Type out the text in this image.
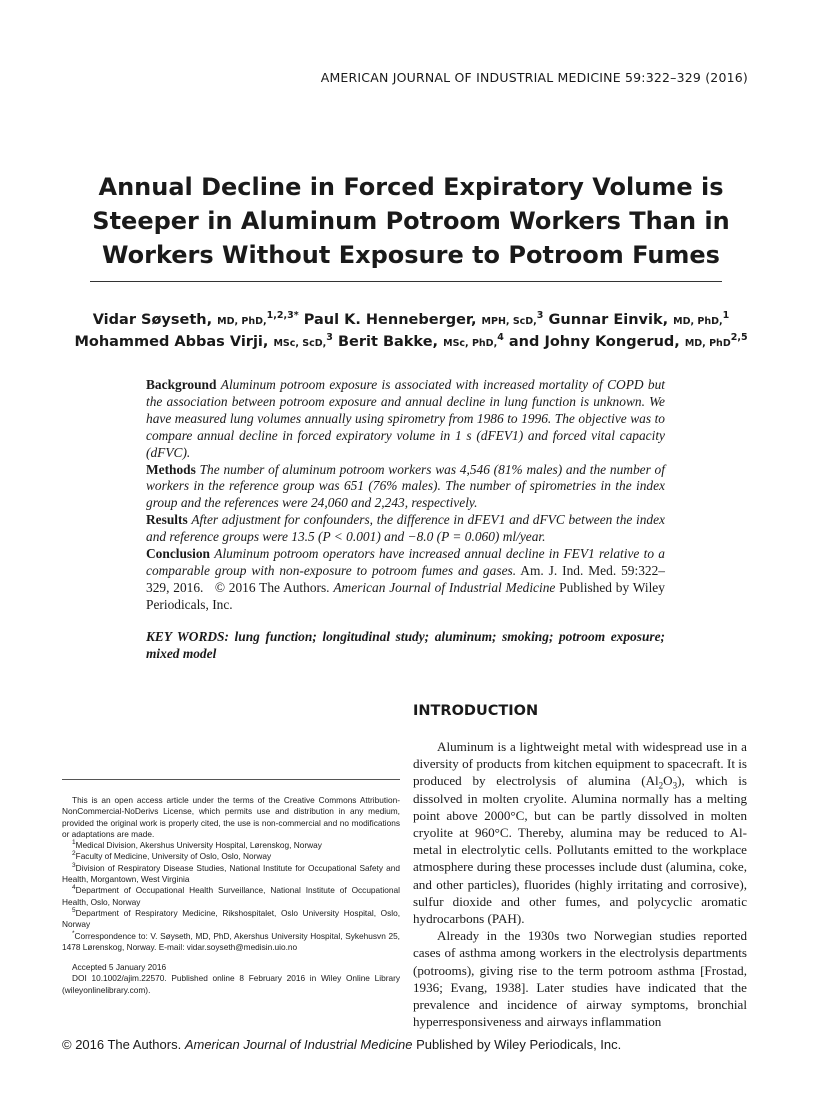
AMERICAN JOURNAL OF INDUSTRIAL MEDICINE 59:322–329 (2016)
Annual Decline in Forced Expiratory Volume is
Steeper in Aluminum Potroom Workers Than in
Workers Without Exposure to Potroom Fumes
Vidar Søyseth, MD, PhD,$^{1,2,3*}$ Paul K. Henneberger, MPH, ScD,$^3$ Gunnar Einvik, MD, PhD,$^1$
Mohammed Abbas Virji, MSc, ScD,$^3$ Berit Bakke, MSc, PhD,$^4$ and Johny Kongerud, MD, PhD$^{2,5}$
Background Aluminum potroom exposure is associated with increased mortality of COPD but the association between potroom exposure and annual decline in lung function is unknown. We have measured lung volumes annually using spirometry from 1986 to 1996. The objective was to compare annual decline in forced expiratory volume in 1 s (dFEV1) and forced vital capacity (dFVC).
Methods The number of aluminum potroom workers was 4,546 (81% males) and the number of workers in the reference group was 651 (76% males). The number of spirometries in the index group and the references were 24,060 and 2,243, respectively.
Results After adjustment for confounders, the difference in dFEV1 and dFVC between the index and reference groups were 13.5 (P < 0.001) and −8.0 (P = 0.060) ml/year.
Conclusion Aluminum potroom operators have increased annual decline in FEV1 relative to a comparable group with non-exposure to potroom fumes and gases. Am. J. Ind. Med. 59:322–329, 2016. © 2016 The Authors. American Journal of Industrial Medicine Published by Wiley Periodicals, Inc.
KEY WORDS: lung function; longitudinal study; aluminum; smoking; potroom exposure; mixed model
INTRODUCTION

Aluminum is a lightweight metal with widespread use in a diversity of products from kitchen equipment to spacecraft. It is produced by electrolysis of alumina $(Al_2O_3)$, which is dissolved in molten cryolite. Alumina normally has a melting point above 2000°C, but can be partly dissolved in molten cryolite at 960°C. Thereby, alumina may be reduced to Al-metal in electrolytic cells. Pollutants emitted to the workplace atmosphere during these processes include dust (alumina, coke, and other particles), fluorides (highly irritating and corrosive), sulfur dioxide and other fumes, and polycyclic aromatic hydrocarbons (PAH).

Already in the 1930s two Norwegian studies reported cases of asthma among workers in the electrolysis departments (potrooms), giving rise to the term potroom asthma [Frostad, 1936; Evang, 1938]. Later studies have indicated that the prevalence and incidence of airway symptoms, bronchial hyperresponsiveness and airways inflammation

This is an open access article under the terms of the Creative Commons Attribution-NonCommercial-NoDerivs License, which permits use and distribution in any medium, provided the original work is properly cited, the use is non-commercial and no modifications or adaptations are made.

$^1$Medical Division, Akershus University Hospital, Lørenskog, Norway

$^2$Faculty of Medicine, University of Oslo, Oslo, Norway

$^3$Division of Respiratory Disease Studies, National Institute for Occupational Safety and Health, Morgantown, West Virginia

$^4$Department of Occupational Health Surveillance, National Institute of Occupational Health, Oslo, Norway

$^5$Department of Respiratory Medicine, Rikshospitalet, Oslo University Hospital, Oslo, Norway

*Correspondence to: V. Søyseth, MD, PhD, Akershus University Hospital, Sykehusvn 25, 1478 Lørenskog, Norway. E-mail: vidar.soyseth@medisin.uio.no

Accepted 5 January 2016

DOI 10.1002/ajim.22570. Published online 8 February 2016 in Wiley Online Library (wileyonlinelibrary.com).

© 2016 The Authors. American Journal of Industrial Medicine Published by Wiley Periodicals, Inc.
